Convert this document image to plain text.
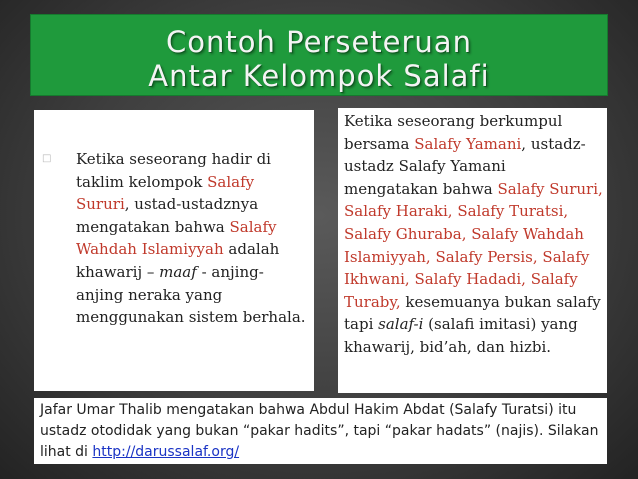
Contoh Perseteruan
Antar Kelompok Salafi
□	Ketika seseorang hadir di taklim kelompok Salafy Sururi, ustad-ustadznya mengatakan bahwa Salafy Wahdah Islamiyyah adalah khawarij – maaf - anjing-anjing neraka yang menggunakan sistem berhala.
Ketika seseorang berkumpul bersama Salafy Yamani, ustadz-ustadz Salafy Yamani mengatakan bahwa Salafy Sururi, Salafy Haraki, Salafy Turatsi, Salafy Ghuraba, Salafy Wahdah Islamiyyah, Salafy Persis, Salafy Ikhwani, Salafy Hadadi, Salafy Turaby, kesemuanya bukan salafy tapi salaf-i (salafi imitasi) yang khawarij, bid’ah, dan hizbi.
Jafar Umar Thalib mengatakan bahwa Abdul Hakim Abdat (Salafy Turatsi) itu ustadz otodidak yang bukan “pakar hadits”, tapi “pakar hadats” (najis). Silakan lihat di http://darussalaf.org/
